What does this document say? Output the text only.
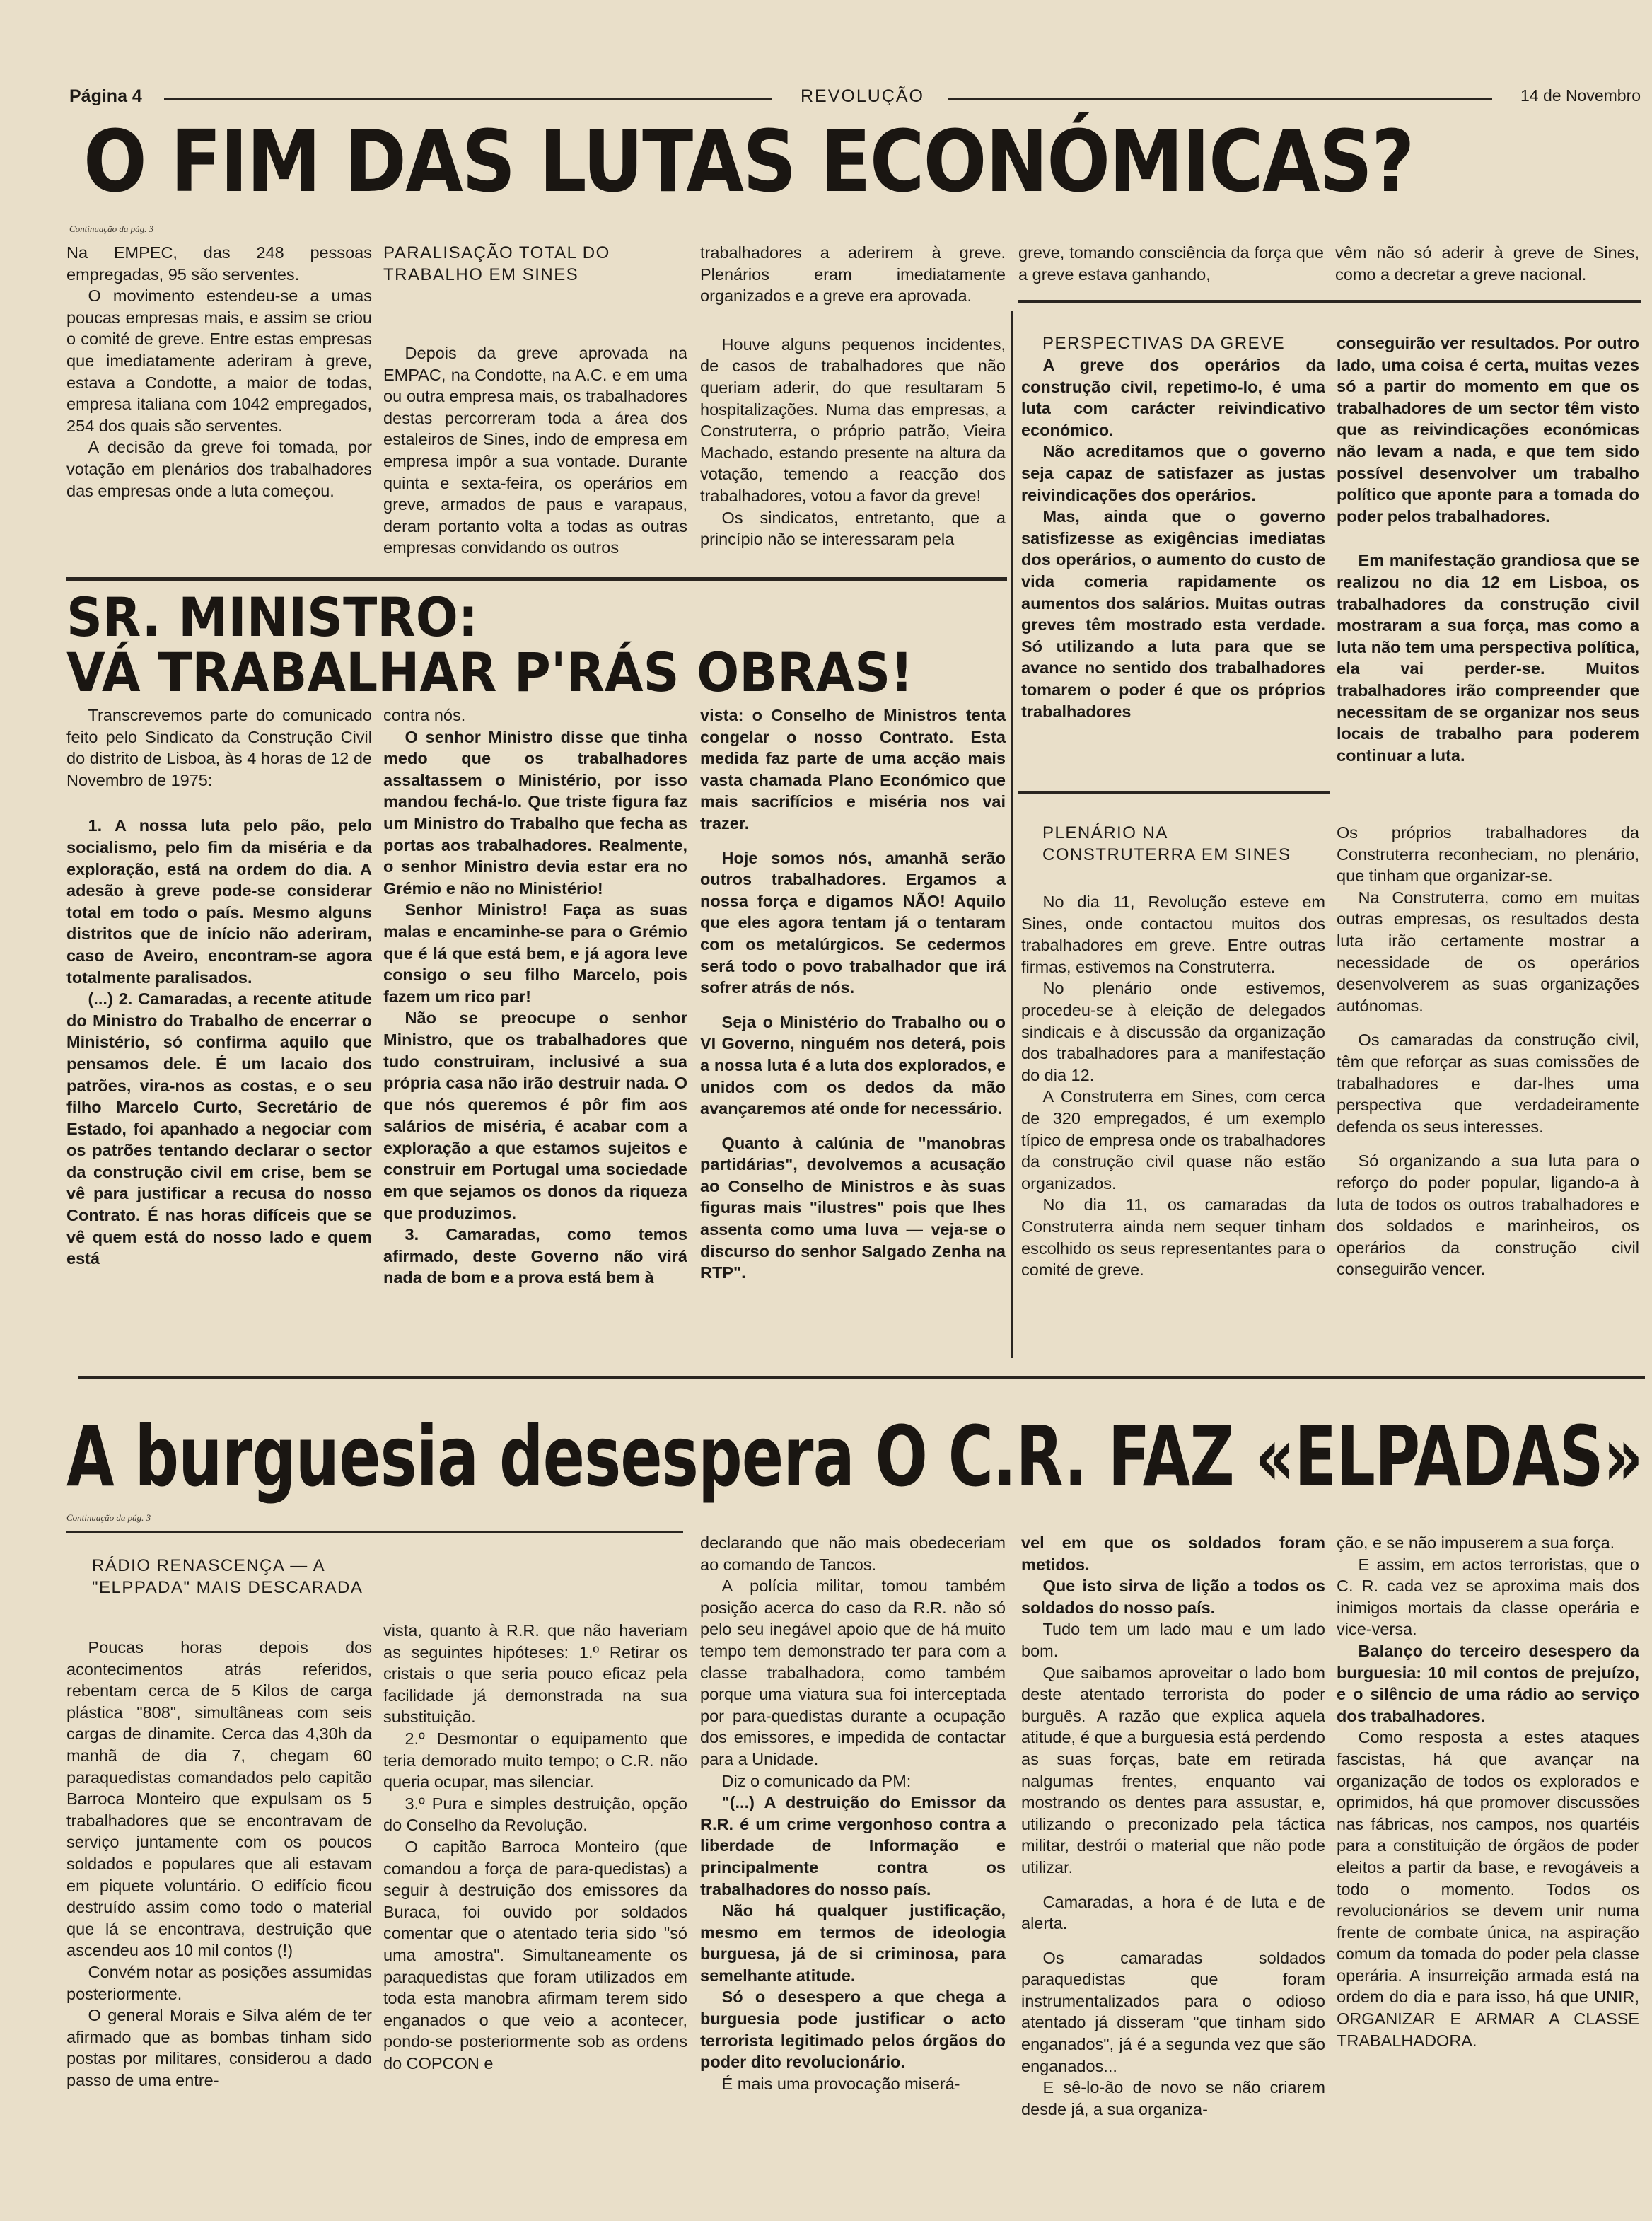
Página 4	REVOLUÇÃO	14 de Novembro
O FIM DAS LUTAS ECONÓMICAS?
Continuação da pág. 3

Na EMPEC, das 248 pessoas empregadas, 95 são serventes.

O movimento estendeu-se a umas poucas empresas mais, e assim se criou o comité de greve. Entre estas empresas que imediatamente aderiram à greve, estava a Condotte, a maior de todas, empresa italiana com 1042 empregados, 254 dos quais são serventes.

A decisão da greve foi tomada, por votação em plenários dos trabalhadores das empresas onde a luta começou.

PARALISAÇÃO TOTAL DO TRABALHO EM SINES

Depois da greve aprovada na EMPAC, na Condotte, na A.C. e em uma ou outra empresa mais, os trabalhadores destas percorreram toda a área dos estaleiros de Sines, indo de empresa em empresa impôr a sua vontade. Durante quinta e sexta-feira, os operários em greve, armados de paus e varapaus, deram portanto volta a todas as outras empresas convidando os outros

trabalhadores a aderirem à greve. Plenários eram imediatamente organizados e a greve era aprovada.

Houve alguns pequenos incidentes, de casos de trabalhadores que não queriam aderir, do que resultaram 5 hospitalizações. Numa das empresas, a Construterra, o próprio patrão, Vieira Machado, estando presente na altura da votação, temendo a reacção dos trabalhadores, votou a favor da greve!

Os sindicatos, entretanto, que a princípio não se interessaram pela

greve, tomando consciência da força que a greve estava ganhando,

vêm não só aderir à greve de Sines, como a decretar a greve nacional.

SR. MINISTRO:
VÁ TRABALHAR P'RÁS OBRAS!

Transcrevemos parte do comunicado feito pelo Sindicato da Construção Civil do distrito de Lisboa, às 4 horas de 12 de Novembro de 1975:

1. A nossa luta pelo pão, pelo socialismo, pelo fim da miséria e da exploração, está na ordem do dia. A adesão à greve pode-se considerar total em todo o país. Mesmo alguns distritos que de início não aderiram, caso de Aveiro, encontram-se agora totalmente paralisados.

(...) 2. Camaradas, a recente atitude do Ministro do Trabalho de encerrar o Ministério, só confirma aquilo que pensamos dele. É um lacaio dos patrões, vira-nos as costas, e o seu filho Marcelo Curto, Secretário de Estado, foi apanhado a negociar com os patrões tentando declarar o sector da construção civil em crise, bem se vê para justificar a recusa do nosso Contrato. É nas horas difíceis que se vê quem está do nosso lado e quem está

contra nós.

O senhor Ministro disse que tinha medo que os trabalhadores assaltassem o Ministério, por isso mandou fechá-lo. Que triste figura faz um Ministro do Trabalho que fecha as portas aos trabalhadores. Realmente, o senhor Ministro devia estar era no Grémio e não no Ministério!

Senhor Ministro! Faça as suas malas e encaminhe-se para o Grémio que é lá que está bem, e já agora leve consigo o seu filho Marcelo, pois fazem um rico par!

Não se preocupe o senhor Ministro, que os trabalhadores que tudo construiram, inclusivé a sua própria casa não irão destruir nada. O que nós queremos é pôr fim aos salários de miséria, é acabar com a exploração a que estamos sujeitos e construir em Portugal uma sociedade em que sejamos os donos da riqueza que produzimos.

3. Camaradas, como temos afirmado, deste Governo não virá nada de bom e a prova está bem à

vista: o Conselho de Ministros tenta congelar o nosso Contrato. Esta medida faz parte de uma acção mais vasta chamada Plano Económico que mais sacrifícios e miséria nos vai trazer.

Hoje somos nós, amanhã serão outros trabalhadores. Ergamos a nossa força e digamos NÃO! Aquilo que eles agora tentam já o tentaram com os metalúrgicos. Se cedermos será todo o povo trabalhador que irá sofrer atrás de nós.

Seja o Ministério do Trabalho ou o VI Governo, ninguém nos deterá, pois a nossa luta é a luta dos explorados, e unidos com os dedos da mão avançaremos até onde for necessário.

Quanto à calúnia de "manobras partidárias", devolvemos a acusação ao Conselho de Ministros e às suas figuras mais "ilustres" pois que lhes assenta como uma luva — veja-se o discurso do senhor Salgado Zenha na RTP".

PERSPECTIVAS DA GREVE

A greve dos operários da construção civil, repetimo-lo, é uma luta com carácter reivindicativo económico.

Não acreditamos que o governo seja capaz de satisfazer as justas reivindicações dos operários.

Mas, ainda que o governo satisfizesse as exigências imediatas dos operários, o aumento do custo de vida comeria rapidamente os aumentos dos salários. Muitas outras greves têm mostrado esta verdade. Só utilizando a luta para que se avance no sentido dos trabalhadores tomarem o poder é que os próprios trabalhadores

conseguirão ver resultados. Por outro lado, uma coisa é certa, muitas vezes só a partir do momento em que os trabalhadores de um sector têm visto que as reivindicações económicas não levam a nada, e que tem sido possível desenvolver um trabalho político que aponte para a tomada do poder pelos trabalhadores.

Em manifestação grandiosa que se realizou no dia 12 em Lisboa, os trabalhadores da construção civil mostraram a sua força, mas como a luta não tem uma perspectiva política, ela vai perder-se. Muitos trabalhadores irão compreender que necessitam de se organizar nos seus locais de trabalho para poderem continuar a luta.

PLENÁRIO NA CONSTRUTERRA EM SINES

No dia 11, Revolução esteve em Sines, onde contactou muitos dos trabalhadores em greve. Entre outras firmas, estivemos na Construterra.

No plenário onde estivemos, procedeu-se à eleição de delegados sindicais e à discussão da organização dos trabalhadores para a manifestação do dia 12.

A Construterra em Sines, com cerca de 320 empregados, é um exemplo típico de empresa onde os trabalhadores da construção civil quase não estão organizados.

No dia 11, os camaradas da Construterra ainda nem sequer tinham escolhido os seus representantes para o comité de greve.

Os próprios trabalhadores da Construterra reconheciam, no plenário, que tinham que organizar-se.

Na Construterra, como em muitas outras empresas, os resultados desta luta irão certamente mostrar a necessidade de os operários desenvolverem as suas organizações autónomas.

Os camaradas da construção civil, têm que reforçar as suas comissões de trabalhadores e dar-lhes uma perspectiva que verdadeiramente defenda os seus interesses.

Só organizando a sua luta para o reforço do poder popular, ligando-a à luta de todos os outros trabalhadores e dos soldados e marinheiros, os operários da construção civil conseguirão vencer.

A burguesia desespera O C.R. FAZ «ELPADAS»
Continuação da pág. 3

RÁDIO RENASCENÇA — A "ELPPADA" MAIS DESCARADA

Poucas horas depois dos acontecimentos atrás referidos, rebentam cerca de 5 Kilos de carga plástica "808", simultâneas com seis cargas de dinamite. Cerca das 4,30h da manhã de dia 7, chegam 60 paraquedistas comandados pelo capitão Barroca Monteiro que expulsam os 5 trabalhadores que se encontravam de serviço juntamente com os poucos soldados e populares que ali estavam em piquete voluntário. O edifício ficou destruído assim como todo o material que lá se encontrava, destruição que ascendeu aos 10 mil contos (!)

Convém notar as posições assumidas posteriormente.

O general Morais e Silva além de ter afirmado que as bombas tinham sido postas por militares, considerou a dado passo de uma entre-

vista, quanto à R.R. que não haveriam as seguintes hipóteses: 1.º Retirar os cristais o que seria pouco eficaz pela facilidade já demonstrada na sua substituição.

2.º Desmontar o equipamento que teria demorado muito tempo; o C.R. não queria ocupar, mas silenciar.

3.º Pura e simples destruição, opção do Conselho da Revolução.

O capitão Barroca Monteiro (que comandou a força de para-quedistas) a seguir à destruição dos emissores da Buraca, foi ouvido por soldados comentar que o atentado teria sido "só uma amostra". Simultaneamente os paraquedistas que foram utilizados em toda esta manobra afirmam terem sido enganados o que veio a acontecer, pondo-se posteriormente sob as ordens do COPCON e

declarando que não mais obedeceriam ao comando de Tancos.

A polícia militar, tomou também posição acerca do caso da R.R. não só pelo seu inegável apoio que de há muito tempo tem demonstrado ter para com a classe trabalhadora, como também porque uma viatura sua foi interceptada por para-quedistas durante a ocupação dos emissores, e impedida de contactar para a Unidade.

Diz o comunicado da PM:

"(...) A destruição do Emissor da R.R. é um crime vergonhoso contra a liberdade de Informação e principalmente contra os trabalhadores do nosso país.

Não há qualquer justificação, mesmo em termos de ideologia burguesa, já de si criminosa, para semelhante atitude.

Só o desespero a que chega a burguesia pode justificar o acto terrorista legitimado pelos órgãos do poder dito revolucionário.

É mais uma provocação miserá-

vel em que os soldados foram metidos.

Que isto sirva de lição a todos os soldados do nosso país.

Tudo tem um lado mau e um lado bom.

Que saibamos aproveitar o lado bom deste atentado terrorista do poder burguês. A razão que explica aquela atitude, é que a burguesia está perdendo as suas forças, bate em retirada nalgumas frentes, enquanto vai mostrando os dentes para assustar, e, utilizando o preconizado pela táctica militar, destrói o material que não pode utilizar.

Camaradas, a hora é de luta e de alerta.

Os camaradas soldados paraquedistas que foram instrumentalizados para o odioso atentado já disseram "que tinham sido enganados", já é a segunda vez que são enganados...

E sê-lo-ão de novo se não criarem desde já, a sua organiza-

ção, e se não impuserem a sua força.

E assim, em actos terroristas, que o C. R. cada vez se aproxima mais dos inimigos mortais da classe operária e vice-versa.

Balanço do terceiro desespero da burguesia: 10 mil contos de prejuízo, e o silêncio de uma rádio ao serviço dos trabalhadores.

Como resposta a estes ataques fascistas, há que avançar na organização de todos os explorados e oprimidos, há que promover discussões nas fábricas, nos campos, nos quartéis para a constituição de órgãos de poder eleitos a partir da base, e revogáveis a todo o momento. Todos os revolucionários se devem unir numa frente de combate única, na aspiração comum da tomada do poder pela classe operária. A insurreição armada está na ordem do dia e para isso, há que UNIR, ORGANIZAR E ARMAR A CLASSE TRABALHADORA.
